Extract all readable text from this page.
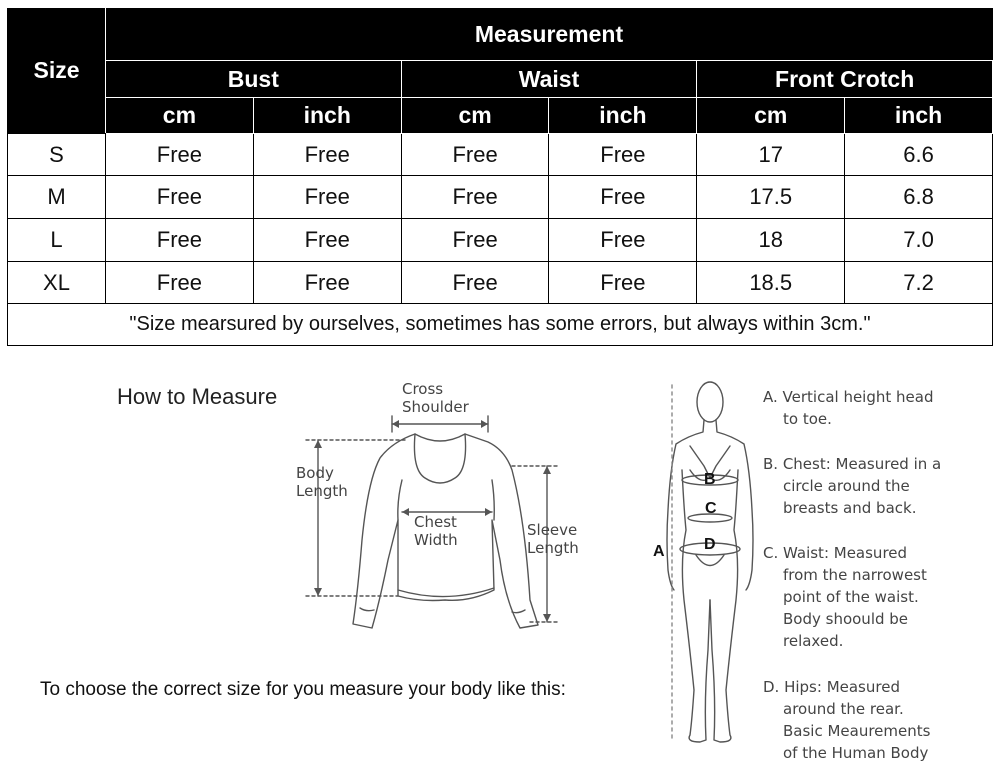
Size	Measurement					
	Bust		Waist		Front Crotch	
	cm	inch	cm	inch	cm	inch
S	Free	Free	Free	Free	17	6.6
M	Free	Free	Free	Free	17.5	6.8
L	Free	Free	Free	Free	18	7.0
XL	Free	Free	Free	Free	18.5	7.2
"Size mearsured by ourselves, sometimes has some errors, but always within 3cm."						
How to Measure	Cross
Shoulder
Body
Length
Chest
Width
Sleeve
Length
To choose the correct size for you measure your body like this:
A
B
C
D
A. Vertical height head
to toe.
B. Chest: Measured in a
circle around the
breasts and back.
C. Waist: Measured
from the narrowest
point of the waist.
Body shoould be
relaxed.
D. Hips: Measured
around the rear.
Basic Meaurements
of the Human Body
